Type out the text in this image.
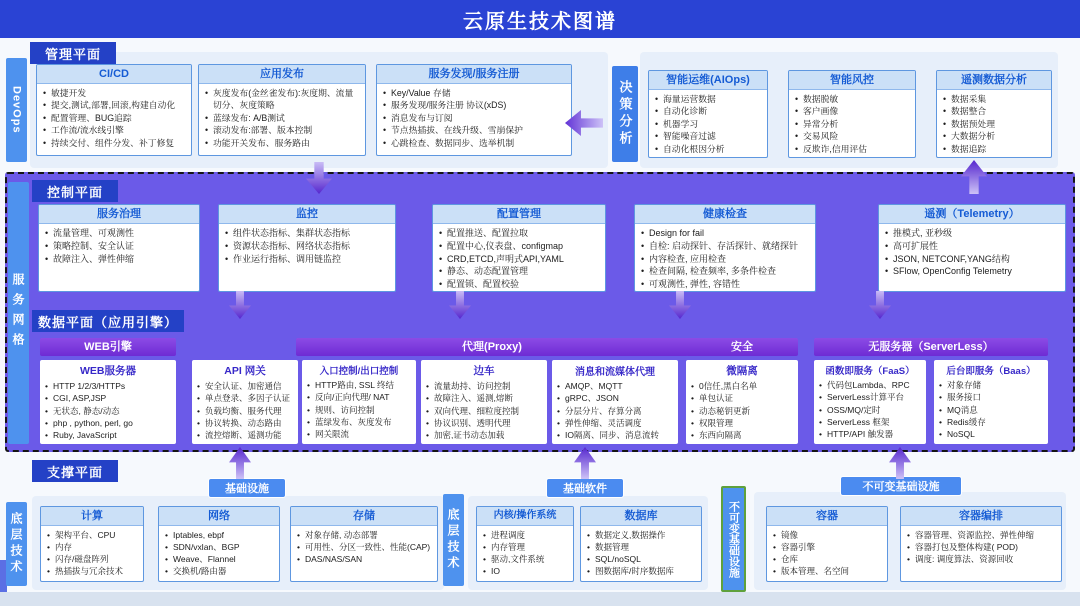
云原生技术图谱
管理平面
DevOps
CI/CD
• 敏捷开发
• 提交,测试,部署,回滚,构建自动化
• 配置管理、BUG追踪
• 工作流/流水线引擎
• 持续交付、组件分发、补丁修复
应用发布
• 灰度发布(金丝雀发布):灰度期、流量切分、灰度策略
• 蓝绿发布: A/B测试
• 滚动发布:部署、版本控制
• 功能开关发布、服务路由
服务发现/服务注册
• Key/Value 存储
• 服务发现/服务注册 协议(xDS)
• 消息发布与订阅
• 节点热插拔、在线升级、雪崩保护
• 心跳检查、数据同步、选举机制	决策分析	智能运维(AIOps)
• 海量运营数据
• 自动化诊断
• 机器学习
• 智能噪音过滤
• 自动化根因分析
智能风控
• 数据脱敏
• 客户画像
• 异常分析
• 交易风险
• 反欺诈,信用评估
遥测数据分析
• 数据采集
• 数据整合
• 数据预处理
• 大数据分析
• 数据追踪
服务网格
控制平面
服务治理
• 流量管理、可观测性
• 策略控制、安全认证
• 故障注入、弹性伸缩
监控
• 组件状态指标、集群状态指标
• 资源状态指标、网络状态指标
• 作业运行指标、调用链监控
配置管理
• 配置推送、配置拉取
• 配置中心,仪表盘、configmap
• CRD,ETCD,声明式API,YAML
• 静态、动态配置管理
• 配置锁、配置校验
健康检查
• Design for fail
• 自检: 启动探针、存活探针、就绪探针
• 内容检查, 应用检查
• 检查间隔, 检查频率, 多条件检查
• 可观测性, 弹性, 容错性
遥测（Telemetry）
• 推模式, 亚秒级
• 高可扩展性
• JSON, NETCONF,YANG结构
• SFlow, OpenConfig Telemetry
数据平面（应用引擎）
WEB引擎	代理(Proxy)	安全	无服务器（ServerLess）
WEB服务器
• HTTP 1/2/3/HTTPs
• CGI, ASP,JSP
• 无状态, 静态/动态
• php , python, perl, go
• Ruby, JavaScript
API 网关
• 安全认证、加密通信
• 单点登录、多因子认证
• 负载均衡、服务代理
• 协议转换、动态路由
• 流控熔断、遥测功能
入口控制/出口控制
• HTTP路由, SSL 终结
• 反向/正向代理/ NAT
• 规则、访问控制
• 蓝绿发布、灰度发布
• 网关限流
边车
• 流量劫持、访问控制
• 故障注入、遥测,熔断
• 双向代理、细粒度控制
• 协议识别、透明代理
• 加密,证书动态加载
消息和流媒体代理
• AMQP、MQTT
• gRPC、JSON
• 分层分片、存算分离
• 弹性伸缩、灵活调度
• IO隔离、同步、消息流转
微隔离
• 0信任,黑白名单
• 单包认证
• 动态秘钥更新
• 权限管理
• 东西向隔离
函数即服务（FaaS）
• 代码包Lambda、RPC
• ServerLess计算平台
• OSS/MQ/定时
• ServerLess 框架
• HTTP/API 触发器
后台即服务（Baas）
• 对象存储
• 服务接口
• MQ消息
• Redis缓存
• NoSQL
支撑平面
基础设施	基础软件	不可变基础设施
底层技术	底层技术	不可变基础设施
计算
• 架构平台、CPU
• 内存
• 闪存/磁盘阵列
• 热插拔与冗余技术
网络
• Iptables, ebpf
• SDN/vxlan、BGP
• Weave、Flannel
• 交换机/路由器
存储
• 对象存储, 动态部署
• 可用性、分区一致性、性能(CAP)
• DAS/NAS/SAN
内核/操作系统
• 进程调度
• 内存管理
• 驱动,文件系统
• IO
数据库
• 数据定义,数据操作
• 数据管理
• SQL/noSQL
• 图数据库/时序数据库
容器
• 镜像
• 容器引擎
• 仓库
• 版本管理、名空间
容器编排
• 容器管理、资源监控、弹性伸缩
• 容器打包及整体构建( POD)
• 调度: 调度算法、资源回收
